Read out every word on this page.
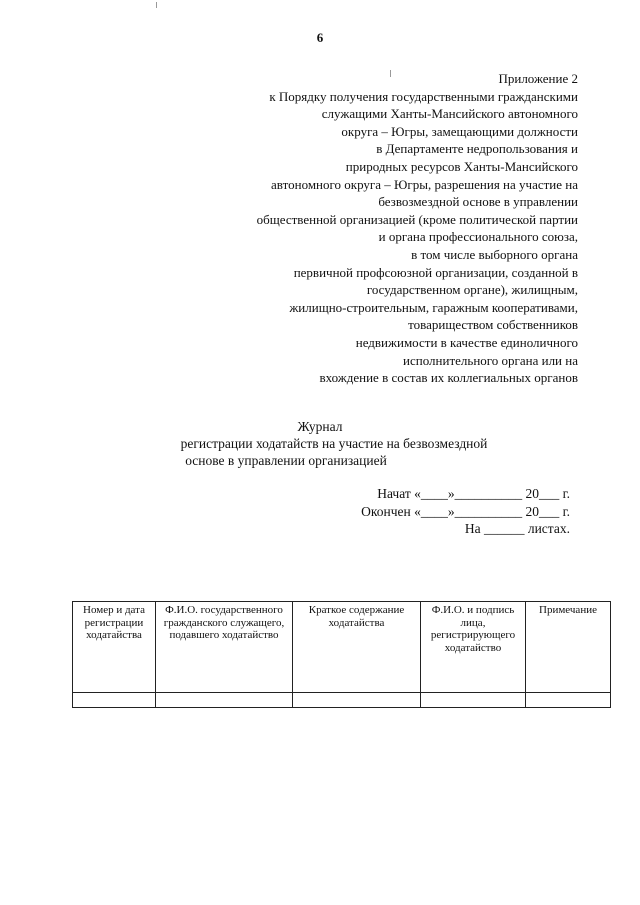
6
Приложение 2
к Порядку получения государственными гражданскими
служащими Ханты-Мансийского автономного
округа – Югры, замещающими должности
в Департаменте недропользования и
природных ресурсов Ханты-Мансийского
автономного округа – Югры, разрешения на участие на
безвозмездной основе в управлении
общественной организацией (кроме политической партии
и органа профессионального союза,
в том числе выборного органа
первичной профсоюзной организации, созданной в
государственном органе), жилищным,
жилищно-строительным, гаражным кооперативами,
товариществом собственников
недвижимости в качестве единоличного
исполнительного органа или на
вхождение в состав их коллегиальных органов
Журнал
регистрации ходатайств на участие на безвозмездной
основе в управлении организацией
Начат «____»__________ 20___ г.
Окончен «____»__________ 20___ г.
На ______ листах.
Номер и дата регистрации ходатайства	Ф.И.О. государственного гражданского служащего, подавшего ходатайство	Краткое содержание ходатайства	Ф.И.О. и подпись лица, регистрирующего ходатайство	Примечание
